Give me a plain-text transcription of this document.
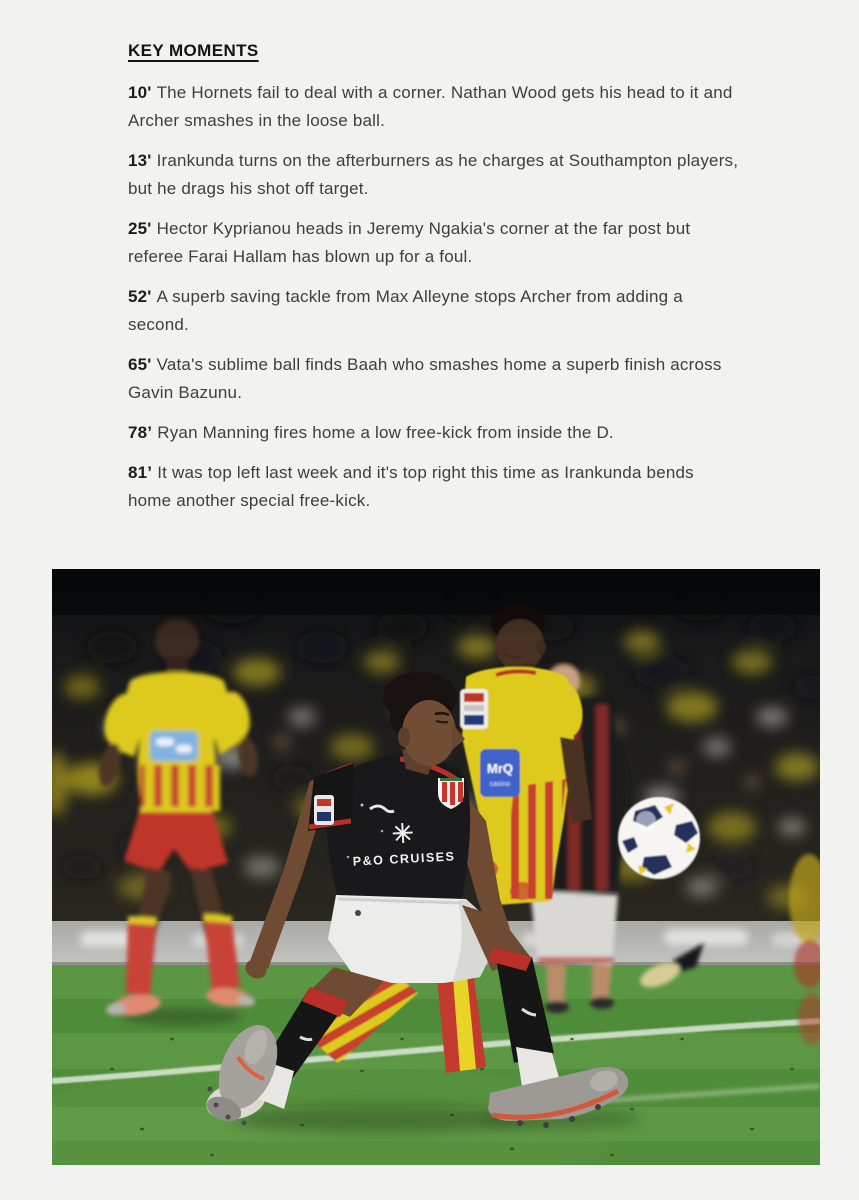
KEY MOMENTS

10' The Hornets fail to deal with a corner. Nathan Wood gets his head to it and Archer smashes in the loose ball.

13' Irankunda turns on the afterburners as he charges at Southampton players, but he drags his shot off target.

25' Hector Kyprianou heads in Jeremy Ngakia's corner at the far post but referee Farai Hallam has blown up for a foul.

52' A superb saving tackle from Max Alleyne stops Archer from adding a second.

65' Vata's sublime ball finds Baah who smashes home a superb finish across Gavin Bazunu.

78’ Ryan Manning fires home a low free-kick from inside the D.

81’ It was top left last week and it's top right this time as Irankunda bends home another special free-kick.

MrQ
casino
P&O CRUISES
